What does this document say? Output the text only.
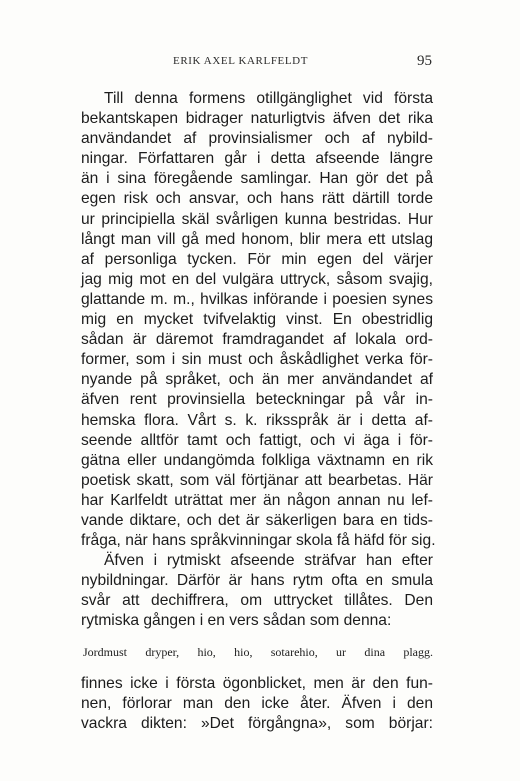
ERIK AXEL KARLFELDT	95
Till denna formens otillgänglighet vid första
bekantskapen bidrager naturligtvis äfven det rika
användandet af provinsialismer och af nybild-
ningar. Författaren går i detta afseende längre
än i sina föregående samlingar. Han gör det på
egen risk och ansvar, och hans rätt därtill torde
ur principiella skäl svårligen kunna bestridas. Hur
långt man vill gå med honom, blir mera ett utslag
af personliga tycken. För min egen del värjer
jag mig mot en del vulgära uttryck, såsom svajig,
glattande m. m., hvilkas införande i poesien synes
mig en mycket tvifvelaktig vinst. En obestridlig
sådan är däremot framdragandet af lokala ord-
former, som i sin must och åskådlighet verka för-
nyande på språket, och än mer användandet af
äfven rent provinsiella beteckningar på vår in-
hemska flora. Vårt s. k. riksspråk är i detta af-
seende alltför tamt och fattigt, och vi äga i för-
gätna eller undangömda folkliga växtnamn en rik
poetisk skatt, som väl förtjänar att bearbetas. Här
har Karlfeldt uträttat mer än någon annan nu lef-
vande diktare, och det är säkerligen bara en tids-
fråga, när hans språkvinningar skola få häfd för sig.
Äfven i rytmiskt afseende sträfvar han efter
nybildningar. Därför är hans rytm ofta en smula
svår att dechiffrera, om uttrycket tillåtes. Den
rytmiska gången i en vers sådan som denna:
Jordmust dryper, hio, hio, sotarehio, ur dina plagg.
finnes icke i första ögonblicket, men är den fun-
nen, förlorar man den icke åter. Äfven i den
vackra dikten: »Det förgångna», som börjar:
